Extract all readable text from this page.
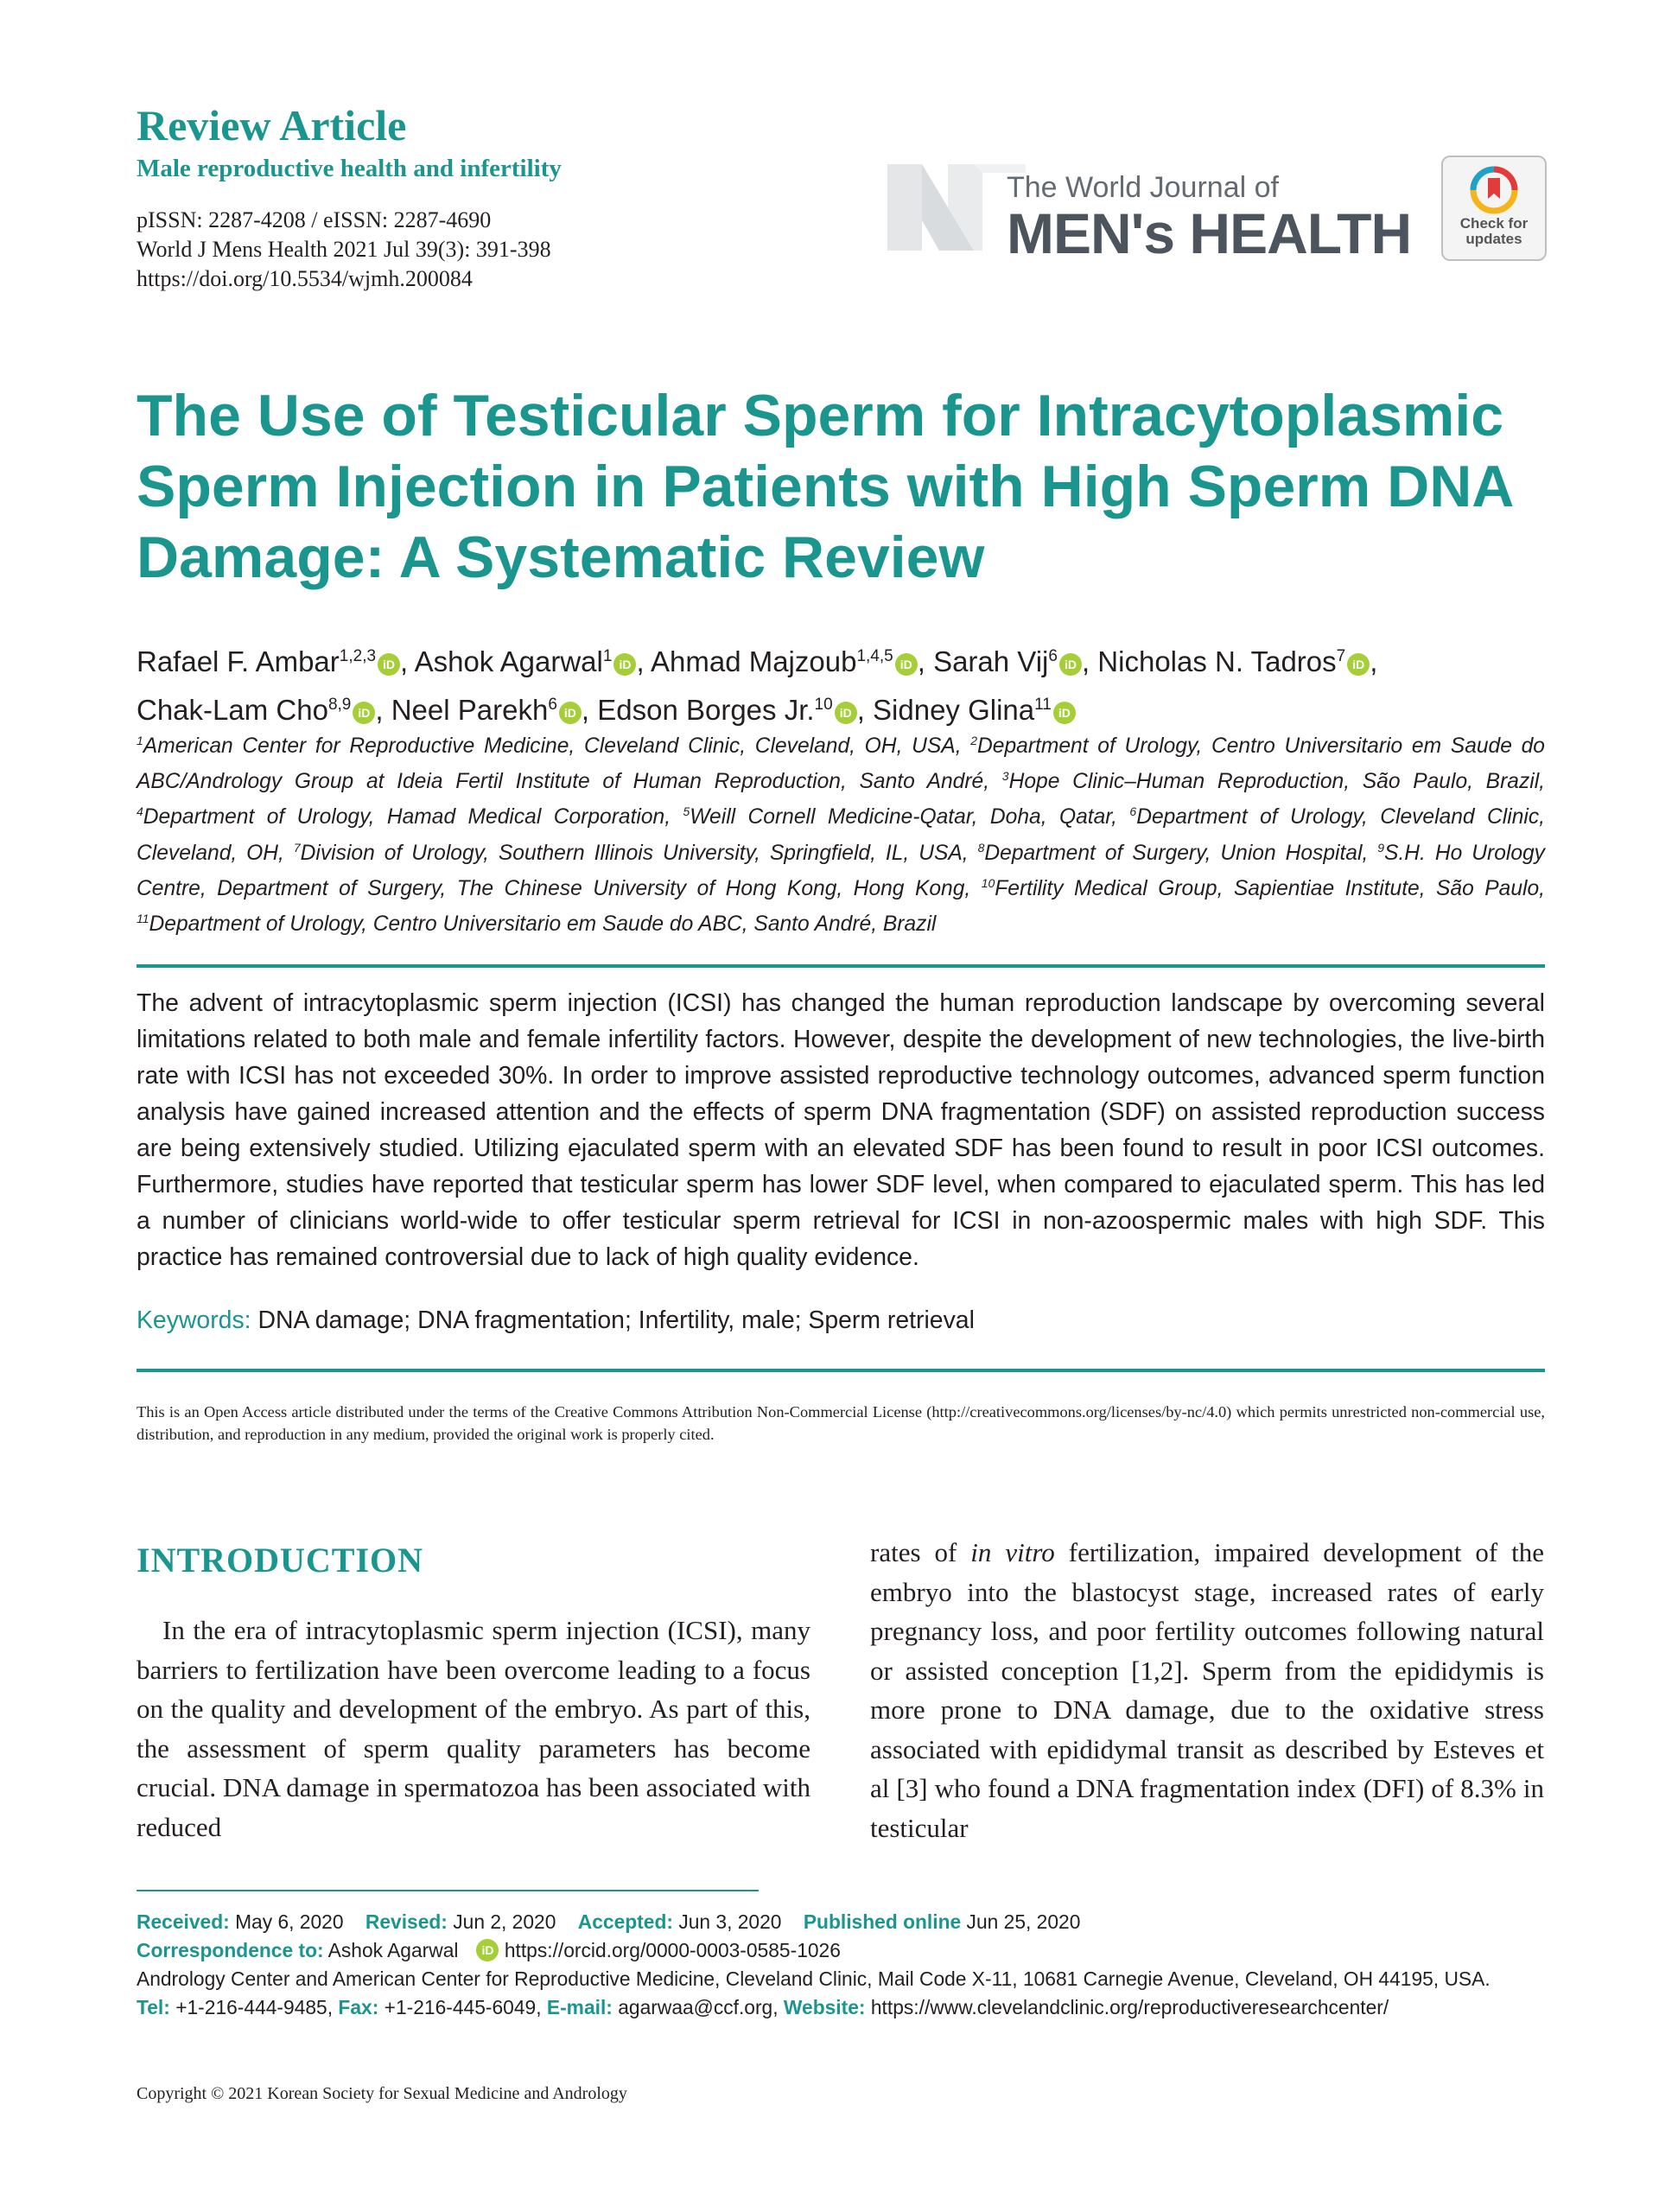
Review Article
Male reproductive health and infertility
pISSN: 2287-4208 / eISSN: 2287-4690
World J Mens Health 2021 Jul 39(3): 391-398
https://doi.org/10.5534/wjmh.200084
The World Journal of
MEN's HEALTH	Check for
updates
The Use of Testicular Sperm for Intracytoplasmic Sperm Injection in Patients with High Sperm DNA Damage: A Systematic Review
Rafael F. Ambar$^{1,2,3}$ iD , Ashok Agarwal$^1$ iD , Ahmad Majzoub$^{1,4,5}$ iD , Sarah Vij$^6$ iD , Nicholas N. Tadros$^7$ iD ,
Chak-Lam Cho$^{8,9}$ iD , Neel Parekh$^6$ iD , Edson Borges Jr.$^{10}$ iD , Sidney Glina$^{11}$ iD
$^1$American Center for Reproductive Medicine, Cleveland Clinic, Cleveland, OH, USA, $^2$Department of Urology, Centro Universitario em Saude do ABC/Andrology Group at Ideia Fertil Institute of Human Reproduction, Santo André, $^3$Hope Clinic–Human Reproduction, São Paulo, Brazil, $^4$Department of Urology, Hamad Medical Corporation, $^5$Weill Cornell Medicine-Qatar, Doha, Qatar, $^6$Department of Urology, Cleveland Clinic, Cleveland, OH, $^7$Division of Urology, Southern Illinois University, Springfield, IL, USA, $^8$Department of Surgery, Union Hospital, $^9$S.H. Ho Urology Centre, Department of Surgery, The Chinese University of Hong Kong, Hong Kong, $^{10}$Fertility Medical Group, Sapientiae Institute, São Paulo, $^{11}$Department of Urology, Centro Universitario em Saude do ABC, Santo André, Brazil

The advent of intracytoplasmic sperm injection (ICSI) has changed the human reproduction landscape by overcoming several limitations related to both male and female infertility factors. However, despite the development of new technologies, the live-birth rate with ICSI has not exceeded 30%. In order to improve assisted reproductive technology outcomes, advanced sperm function analysis have gained increased attention and the effects of sperm DNA fragmentation (SDF) on assisted reproduction success are being extensively studied. Utilizing ejaculated sperm with an elevated SDF has been found to result in poor ICSI outcomes. Furthermore, studies have reported that testicular sperm has lower SDF level, when compared to ejaculated sperm. This has led a number of clinicians world-wide to offer testicular sperm retrieval for ICSI in non-azoospermic males with high SDF. This practice has remained controversial due to lack of high quality evidence.

Keywords: DNA damage; DNA fragmentation; Infertility, male; Sperm retrieval
This is an Open Access article distributed under the terms of the Creative Commons Attribution Non-Commercial License (http://creativecommons.org/licenses/by-nc/4.0) which permits unrestricted non-commercial use, distribution, and reproduction in any medium, provided the original work is properly cited.
INTRODUCTION
In the era of intracytoplasmic sperm injection (ICSI), many barriers to fertilization have been overcome leading to a focus on the quality and development of the embryo. As part of this, the assessment of sperm quality parameters has become crucial. DNA damage in spermatozoa has been associated with reduced
rates of in vitro fertilization, impaired development of the embryo into the blastocyst stage, increased rates of early pregnancy loss, and poor fertility outcomes following natural or assisted conception [1,2]. Sperm from the epididymis is more prone to DNA damage, due to the oxidative stress associated with epididymal transit as described by Esteves et al [3] who found a DNA fragmentation index (DFI) of 8.3% in testicular
Received: May 6, 2020 Revised: Jun 2, 2020 Accepted: Jun 3, 2020 Published online Jun 25, 2020
Correspondence to: Ashok Agarwal iD https://orcid.org/0000-0003-0585-1026
Andrology Center and American Center for Reproductive Medicine, Cleveland Clinic, Mail Code X-11, 10681 Carnegie Avenue, Cleveland, OH 44195, USA.
Tel: +1-216-444-9485, Fax: +1-216-445-6049, E-mail: agarwaa@ccf.org, Website: https://www.clevelandclinic.org/reproductiveresearchcenter/
Copyright © 2021 Korean Society for Sexual Medicine and Andrology
